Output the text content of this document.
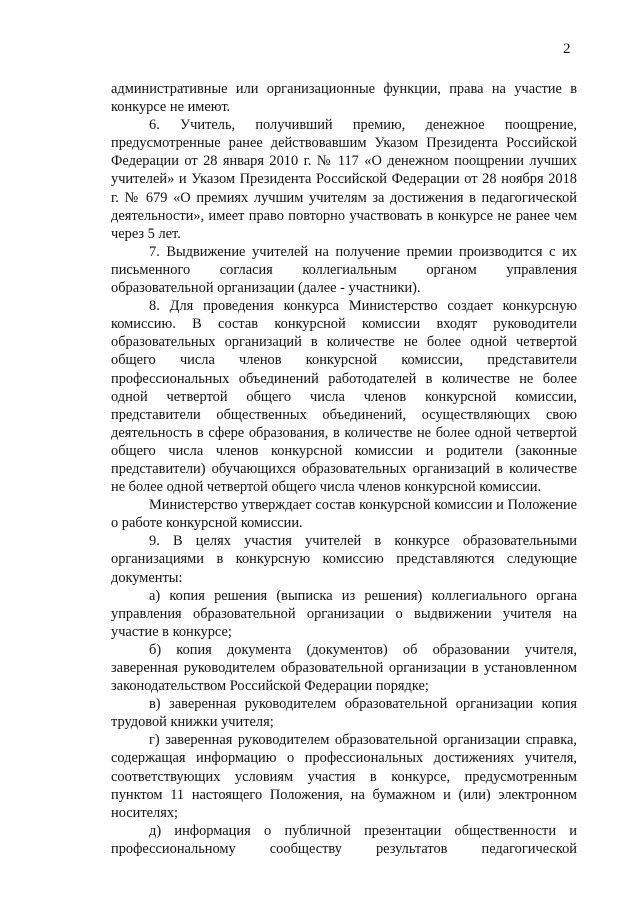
2

административные или организационные функции, права на участие в конкурсе не имеют.

6. Учитель, получивший премию, денежное поощрение, предусмотренные ранее действовавшим Указом Президента Российской Федерации от 28 января 2010 г. № 117 «О денежном поощрении лучших учителей» и Указом Президента Российской Федерации от 28 ноября 2018 г. № 679 «О премиях лучшим учителям за достижения в педагогической деятельности», имеет право повторно участвовать в конкурсе не ранее чем через 5 лет.

7. Выдвижение учителей на получение премии производится с их письменного согласия коллегиальным органом управления образовательной организации (далее - участники).

8. Для проведения конкурса Министерство создает конкурсную комиссию. В состав конкурсной комиссии входят руководители образовательных организаций в количестве не более одной четвертой общего числа членов конкурсной комиссии, представители профессиональных объединений работодателей в количестве не более одной четвертой общего числа членов конкурсной комиссии, представители общественных объединений, осуществляющих свою деятельность в сфере образования, в количестве не более одной четвертой общего числа членов конкурсной комиссии и родители (законные представители) обучающихся образовательных организаций в количестве не более одной четвертой общего числа членов конкурсной комиссии.

Министерство утверждает состав конкурсной комиссии и Положение о работе конкурсной комиссии.

9. В целях участия учителей в конкурсе образовательными организациями в конкурсную комиссию представляются следующие документы:

а) копия решения (выписка из решения) коллегиального органа управления образовательной организации о выдвижении учителя на участие в конкурсе;

б) копия документа (документов) об образовании учителя, заверенная руководителем образовательной организации в установленном законодательством Российской Федерации порядке;

в) заверенная руководителем образовательной организации копия трудовой книжки учителя;

г) заверенная руководителем образовательной организации справка, содержащая информацию о профессиональных достижениях учителя, соответствующих условиям участия в конкурсе, предусмотренным пунктом 11 настоящего Положения, на бумажном и (или) электронном носителях;

д) информация о публичной презентации общественности и профессиональному сообществу результатов педагогической
